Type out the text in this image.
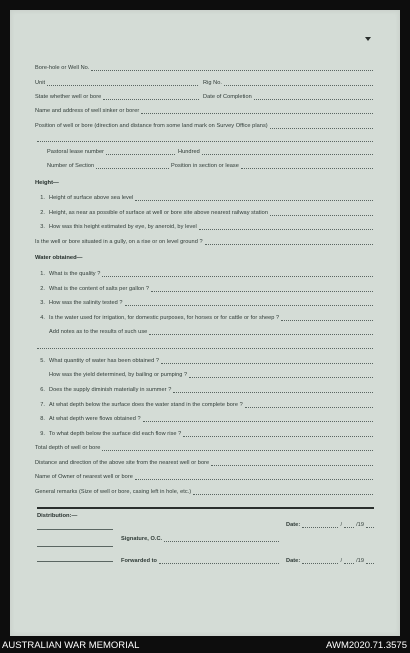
Bore-hole or Well No.
Unit	Rig No.
State whether well or bore	Date of Completion
Name and address of well sinker or borer
Position of well or bore (direction and distance from some land mark on Survey Office plans)
Pastoral lease number	Hundred
Number of Section	Position in section or lease
Height—
1. Height of surface above sea level
2. Height, as near as possible of surface at well or bore site above nearest railway station
3. How was this height estimated by eye, by aneroid, by level
Is the well or bore situated in a gully, on a rise or on level ground ?
Water obtained—
1. What is the quality ?
2. What is the content of salts per gallon ?
3. How was the salinity tested ?
4. Is the water used for irrigation, for domestic purposes, for horses or for cattle or for sheep ?
Add notes as to the results of such use
5. What quantity of water has been obtained ?
How was the yield determined, by bailing or pumping ?
6. Does the supply diminish materially in summer ?
7. At what depth below the surface does the water stand in the complete bore ?
8. At what depth were flows obtained ?
9. To what depth below the surface did each flow rise ?
Total depth of well or bore
Distance and direction of the above site from the nearest well or bore
Name of Owner of nearest well or bore
General remarks (Size of well or bore, casing left in hole, etc.)
Distribution:—
Date:	/	/19
Signature, O.C.
Forwarded to	Date:	/	/19
AUSTRALIAN WAR MEMORIAL	AWM2020.71.3575
